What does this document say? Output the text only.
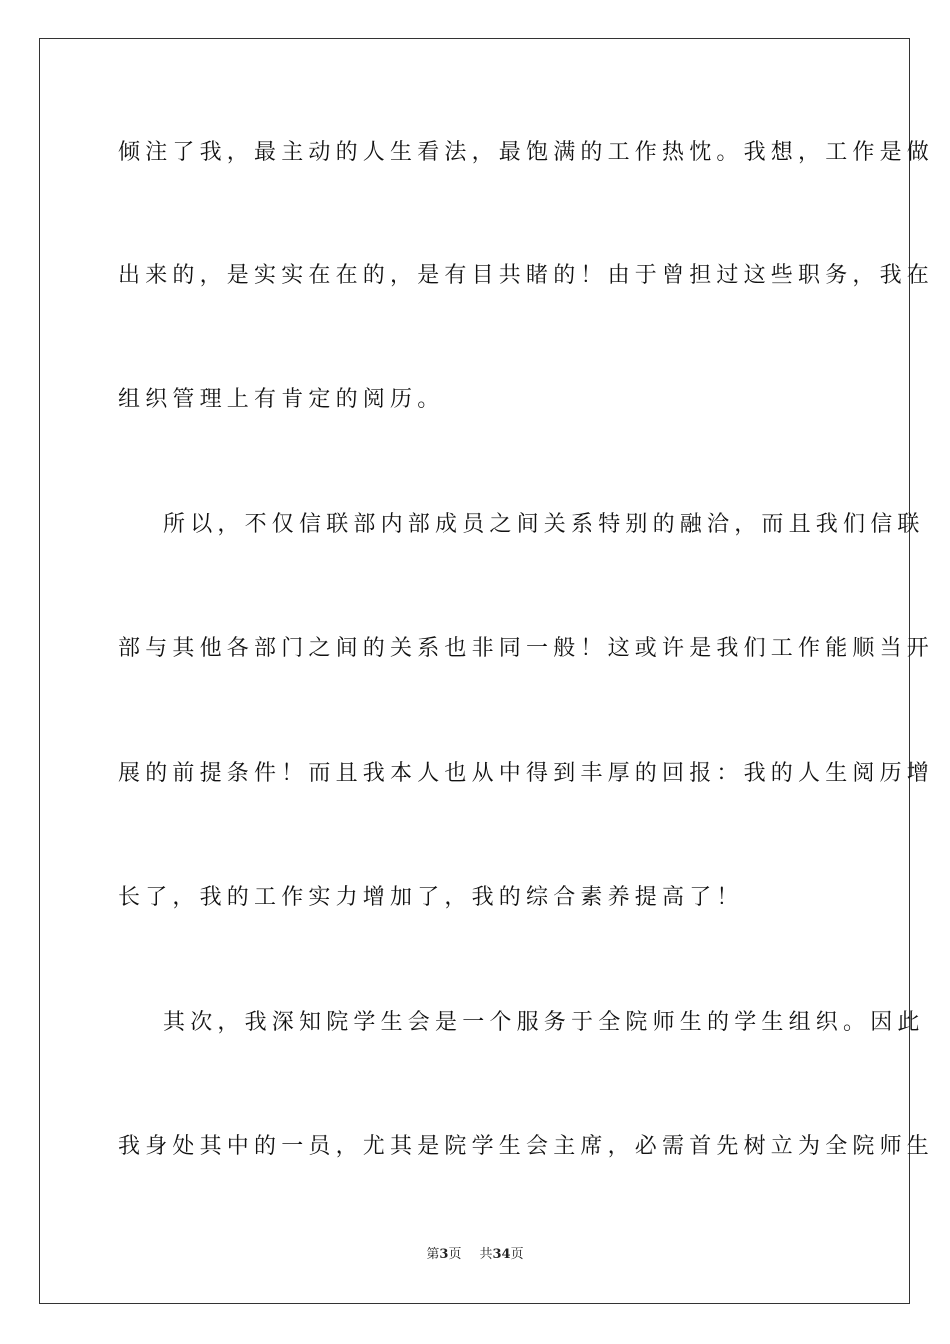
倾注了我，最主动的人生看法，最饱满的工作热忱。我想，工作是做
出来的，是实实在在的，是有目共睹的！由于曾担过这些职务，我在
组织管理上有肯定的阅历。
所以，不仅信联部内部成员之间关系特别的融洽，而且我们信联
部与其他各部门之间的关系也非同一般！这或许是我们工作能顺当开
展的前提条件！而且我本人也从中得到丰厚的回报：我的人生阅历增
长了，我的工作实力增加了，我的综合素养提高了！
其次，我深知院学生会是一个服务于全院师生的学生组织。因此
我身处其中的一员，尤其是院学生会主席，必需首先树立为全院师生
第3页 共34页
